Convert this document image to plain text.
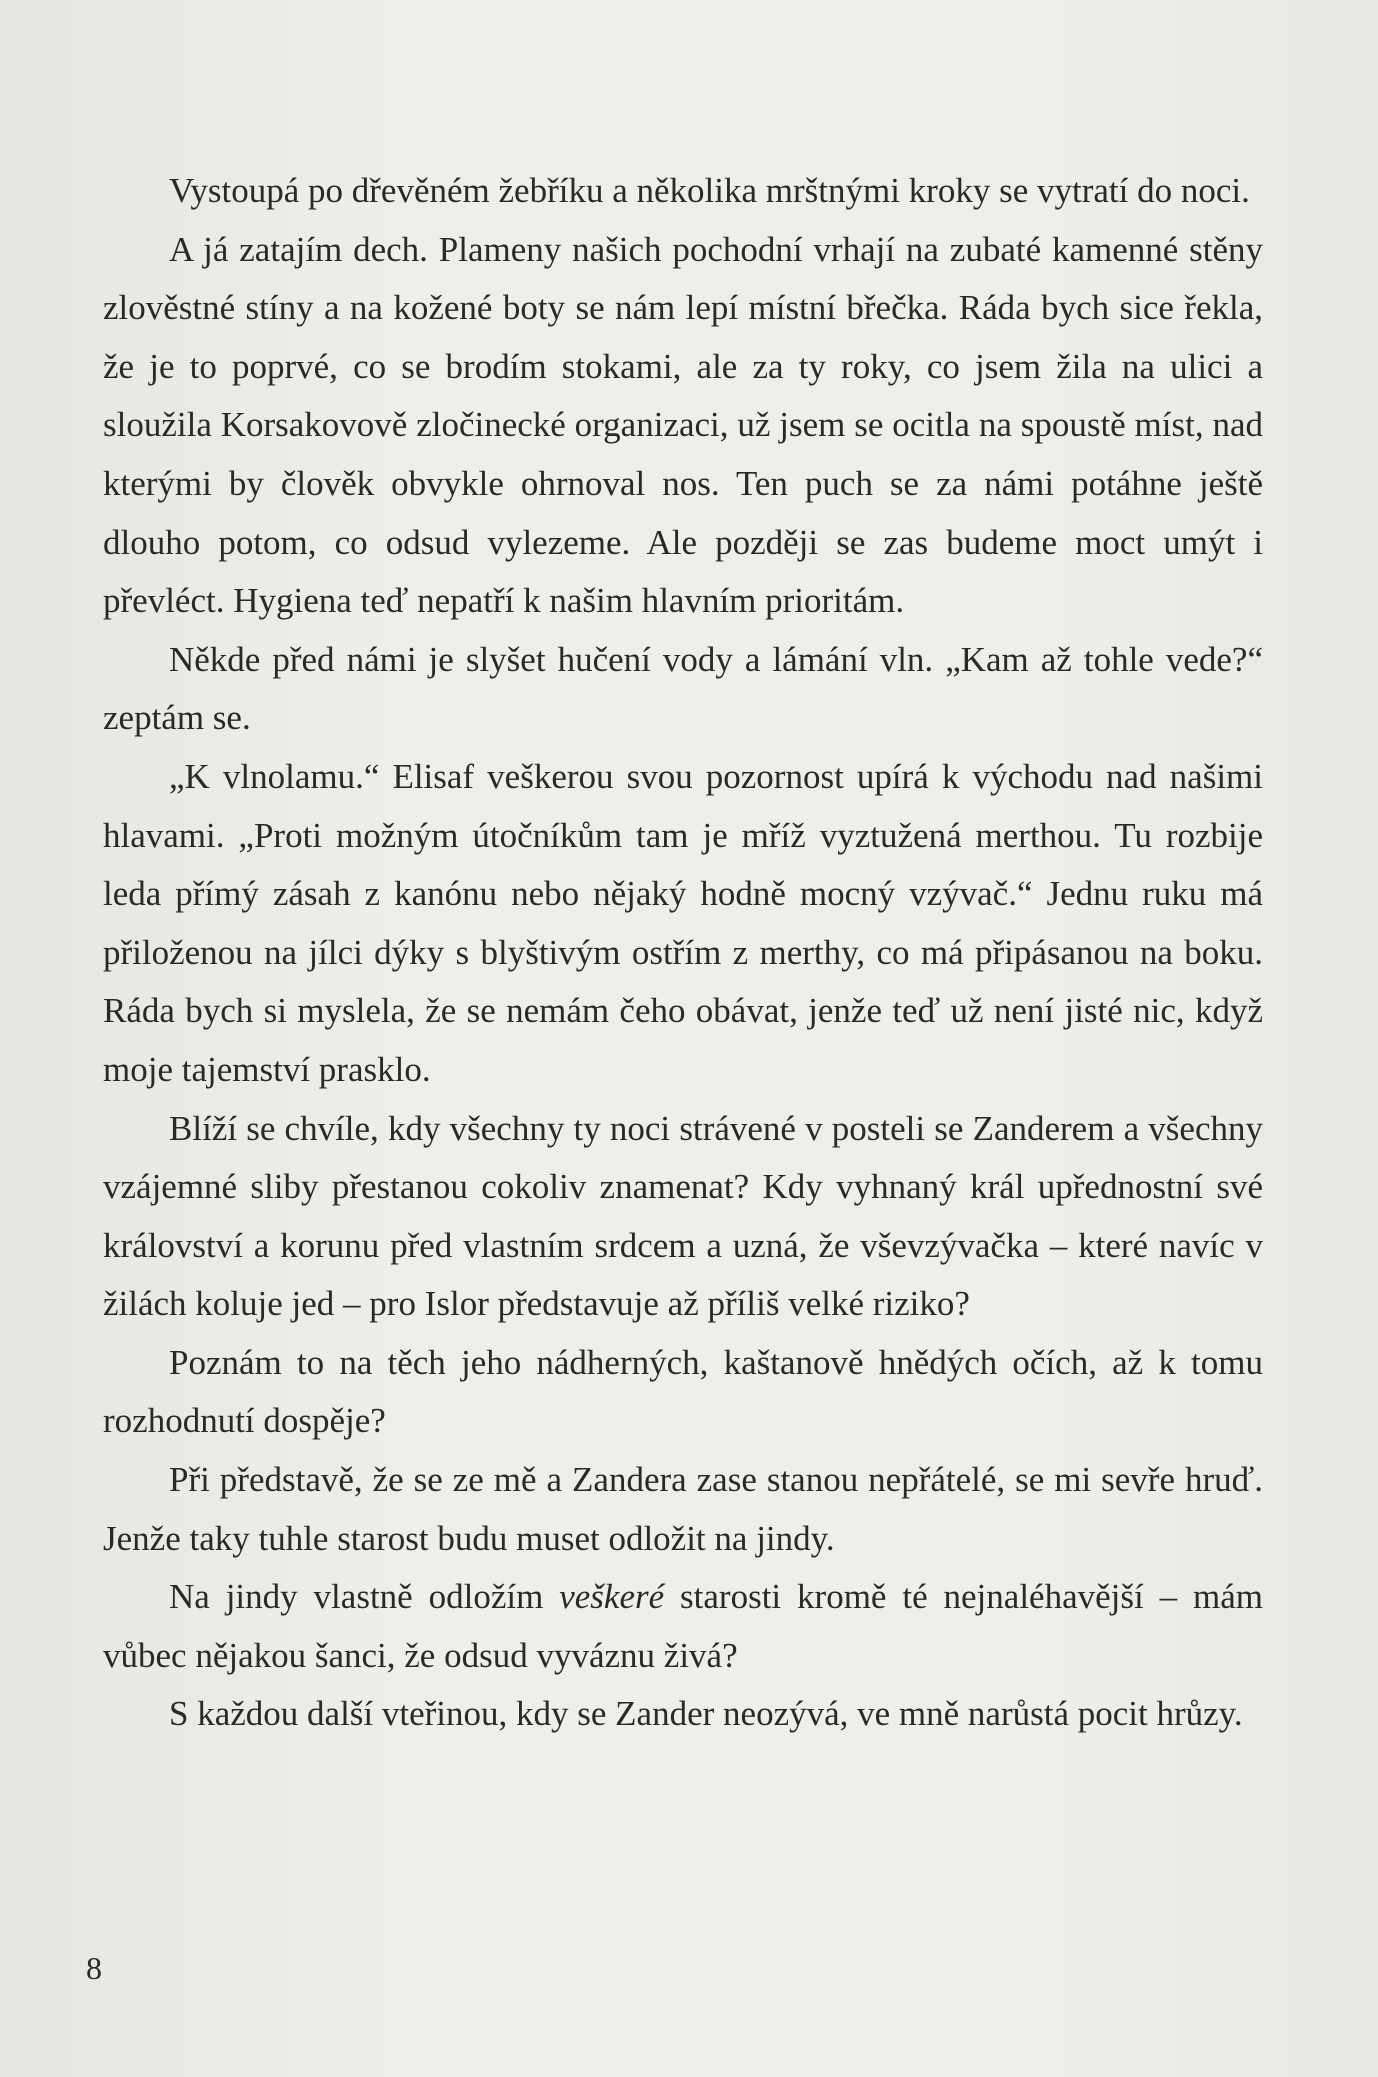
Vystoupá po dřevěném žebříku a několika mrštnými kroky se vytratí do noci.

A já zatajím dech. Plameny našich pochodní vrhají na zubaté kamenné stěny zlověstné stíny a na kožené boty se nám lepí místní břečka. Ráda bych sice řekla, že je to poprvé, co se brodím stokami, ale za ty roky, co jsem žila na ulici a sloužila Korsakovově zločinecké organizaci, už jsem se ocitla na spoustě míst, nad kterými by člověk obvykle ohrnoval nos. Ten puch se za námi potáhne ještě dlouho potom, co odsud vylezeme. Ale později se zas budeme moct umýt i převléct. Hygiena teď nepatří k našim hlavním prioritám.

Někde před námi je slyšet hučení vody a lámání vln. „Kam až tohle vede?“ zeptám se.

„K vlnolamu.“ Elisaf veškerou svou pozornost upírá k východu nad našimi hlavami. „Proti možným útočníkům tam je mříž vyztužená merthou. Tu rozbije leda přímý zásah z kanónu nebo nějaký hodně mocný vzývač.“ Jednu ruku má přiloženou na jílci dýky s blyštivým ostřím z merthy, co má připásanou na boku. Ráda bych si myslela, že se nemám čeho obávat, jenže teď už není jisté nic, když moje tajemství prasklo.

Blíží se chvíle, kdy všechny ty noci strávené v posteli se Zanderem a všechny vzájemné sliby přestanou cokoliv znamenat? Kdy vyhnaný král upřednostní své království a korunu před vlastním srdcem a uzná, že vševzývačka – které navíc v žilách koluje jed – pro Islor představuje až příliš velké riziko?

Poznám to na těch jeho nádherných, kaštanově hnědých očích, až k tomu rozhodnutí dospěje?

Při představě, že se ze mě a Zandera zase stanou nepřátelé, se mi sevře hruď. Jenže taky tuhle starost budu muset odložit na jindy.

Na jindy vlastně odložím veškeré starosti kromě té nejnaléhavější – mám vůbec nějakou šanci, že odsud vyváznu živá?

S každou další vteřinou, kdy se Zander neozývá, ve mně narůstá pocit hrůzy.

8
